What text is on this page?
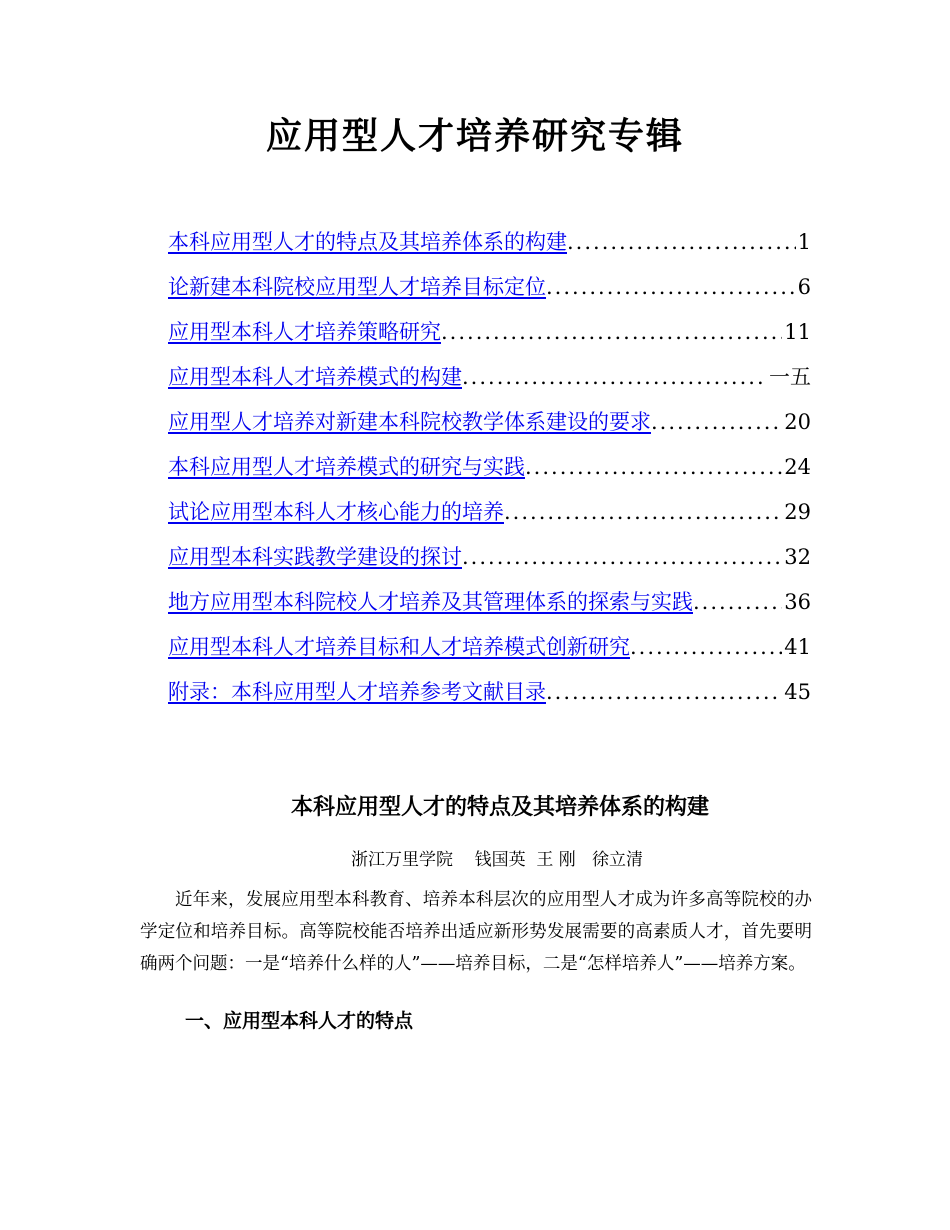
应用型人才培养研究专辑
本科应用型人才的特点及其培养体系的构建 .....	1
论新建本科院校应用型人才培养目标定位 .....	6
应用型本科人才培养策略研究 .....	11
应用型本科人才培养模式的构建 .....	一五
应用型人才培养对新建本科院校教学体系建设的要求 .....	20
本科应用型人才培养模式的研究与实践 .....	24
试论应用型本科人才核心能力的培养 .....	29
应用型本科实践教学建设的探讨 .....	32
地方应用型本科院校人才培养及其管理体系的探索与实践 .....	36
应用型本科人才培养目标和人才培养模式创新研究 .....	41
附录：本科应用型人才培养参考文献目录 .....	45
本科应用型人才的特点及其培养体系的构建
浙江万里学院    钱国英  王 刚   徐立清

近年来，发展应用型本科教育、培养本科层次的应用型人才成为许多高等院校的办学定位和培养目标。高等院校能否培养出适应新形势发展需要的高素质人才，首先要明确两个问题：一是“培养什么样的人”——培养目标，二是“怎样培养人”——培养方案。

一、应用型本科人才的特点
